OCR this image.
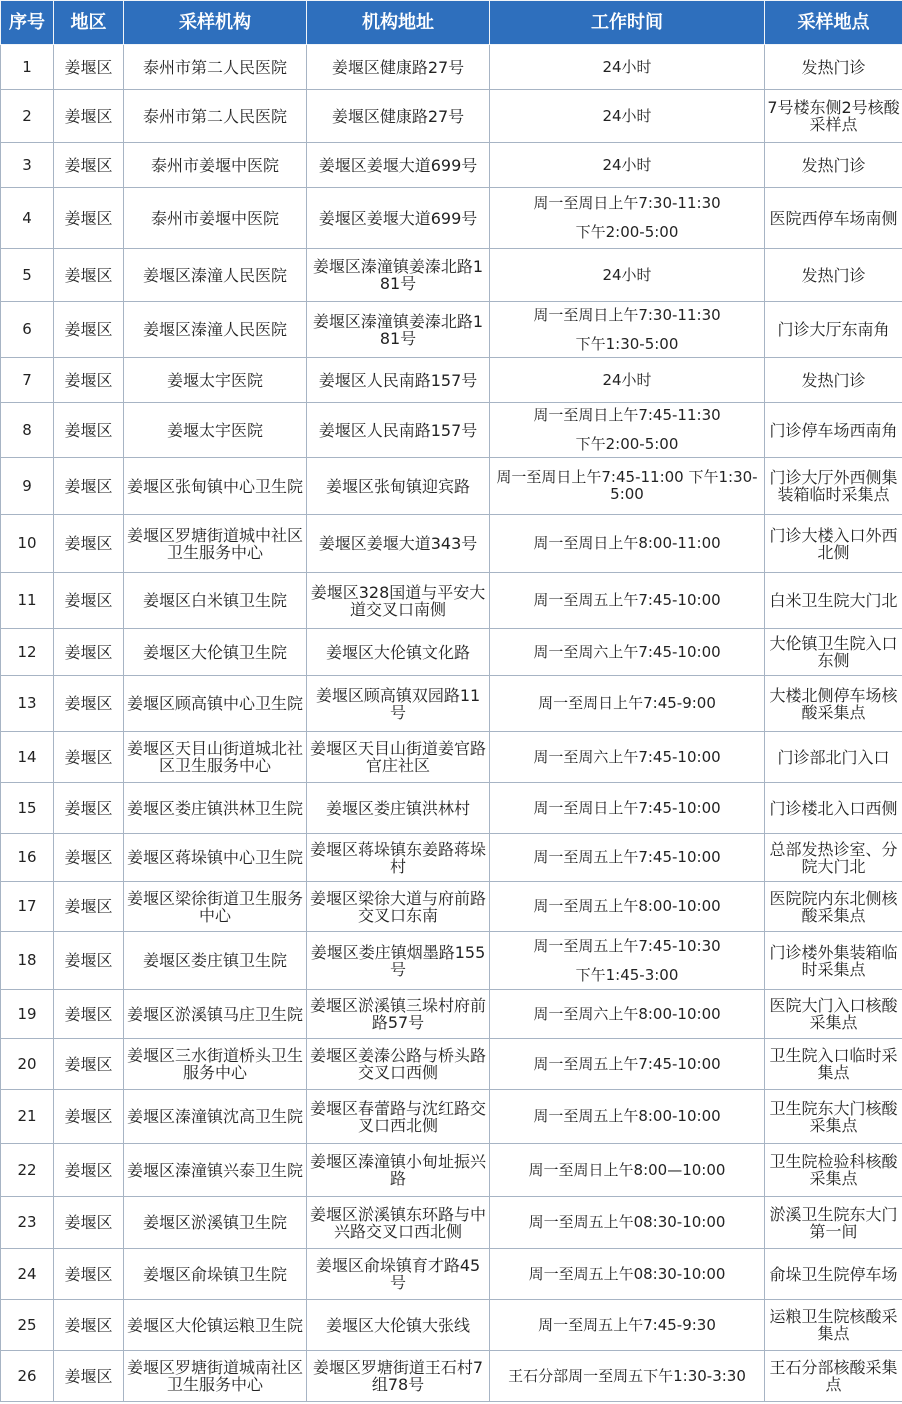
序号	地区	采样机构	机构地址	工作时间	采样地点
1	姜堰区	泰州市第二人民医院	姜堰区健康路27号	24小时	发热门诊
2	姜堰区	泰州市第二人民医院	姜堰区健康路27号	24小时	7号楼东侧2号核酸采样点
3	姜堰区	泰州市姜堰中医院	姜堰区姜堰大道699号	24小时	发热门诊
4	姜堰区	泰州市姜堰中医院	姜堰区姜堰大道699号	周一至周日上午7:30-11:30
下午2:00-5:00	医院西停车场南侧
5	姜堰区	姜堰区溱潼人民医院	姜堰区溱潼镇姜溱北路181号	24小时	发热门诊
6	姜堰区	姜堰区溱潼人民医院	姜堰区溱潼镇姜溱北路181号	周一至周日上午7:30-11:30
下午1:30-5:00	门诊大厅东南角
7	姜堰区	姜堰太宇医院	姜堰区人民南路157号	24小时	发热门诊
8	姜堰区	姜堰太宇医院	姜堰区人民南路157号	周一至周日上午7:45-11:30
下午2:00-5:00	门诊停车场西南角
9	姜堰区	姜堰区张甸镇中心卫生院	姜堰区张甸镇迎宾路	周一至周日上午7:45-11:00 下午1:30-5:00	门诊大厅外西侧集装箱临时采集点
10	姜堰区	姜堰区罗塘街道城中社区卫生服务中心	姜堰区姜堰大道343号	周一至周日上午8:00-11:00	门诊大楼入口外西北侧
11	姜堰区	姜堰区白米镇卫生院	姜堰区328国道与平安大道交叉口南侧	周一至周五上午7:45-10:00	白米卫生院大门北
12	姜堰区	姜堰区大伦镇卫生院	姜堰区大伦镇文化路	周一至周六上午7:45-10:00	大伦镇卫生院入口东侧
13	姜堰区	姜堰区顾高镇中心卫生院	姜堰区顾高镇双园路11号	周一至周日上午7:45-9:00	大楼北侧停车场核酸采集点
14	姜堰区	姜堰区天目山街道城北社区卫生服务中心	姜堰区天目山街道姜官路官庄社区	周一至周六上午7:45-10:00	门诊部北门入口
15	姜堰区	姜堰区娄庄镇洪林卫生院	姜堰区娄庄镇洪林村	周一至周日上午7:45-10:00	门诊楼北入口西侧
16	姜堰区	姜堰区蒋垛镇中心卫生院	姜堰区蒋垛镇东姜路蒋垛村	周一至周五上午7:45-10:00	总部发热诊室、分院大门北
17	姜堰区	姜堰区梁徐街道卫生服务中心	姜堰区梁徐大道与府前路交叉口东南	周一至周五上午8:00-10:00	医院院内东北侧核酸采集点
18	姜堰区	姜堰区娄庄镇卫生院	姜堰区娄庄镇烟墨路155号	周一至周五上午7:45-10:30
下午1:45-3:00	门诊楼外集装箱临时采集点
19	姜堰区	姜堰区淤溪镇马庄卫生院	姜堰区淤溪镇三垛村府前路57号	周一至周六上午8:00-10:00	医院大门入口核酸采集点
20	姜堰区	姜堰区三水街道桥头卫生服务中心	姜堰区姜溱公路与桥头路交叉口西侧	周一至周五上午7:45-10:00	卫生院入口临时采集点
21	姜堰区	姜堰区溱潼镇沈高卫生院	姜堰区春蕾路与沈红路交叉口西北侧	周一至周五上午8:00-10:00	卫生院东大门核酸采集点
22	姜堰区	姜堰区溱潼镇兴泰卫生院	姜堰区溱潼镇小甸址振兴路	周一至周日上午8:00—10:00	卫生院检验科核酸采集点
23	姜堰区	姜堰区淤溪镇卫生院	姜堰区淤溪镇东环路与中兴路交叉口西北侧	周一至周五上午08:30-10:00	淤溪卫生院东大门第一间
24	姜堰区	姜堰区俞垛镇卫生院	姜堰区俞垛镇育才路45号	周一至周五上午08:30-10:00	俞垛卫生院停车场
25	姜堰区	姜堰区大伦镇运粮卫生院	姜堰区大伦镇大张线	周一至周五上午7:45-9:30	运粮卫生院核酸采集点
26	姜堰区	姜堰区罗塘街道城南社区卫生服务中心	姜堰区罗塘街道王石村7组78号	王石分部周一至周五下午1:30-3:30	王石分部核酸采集点
